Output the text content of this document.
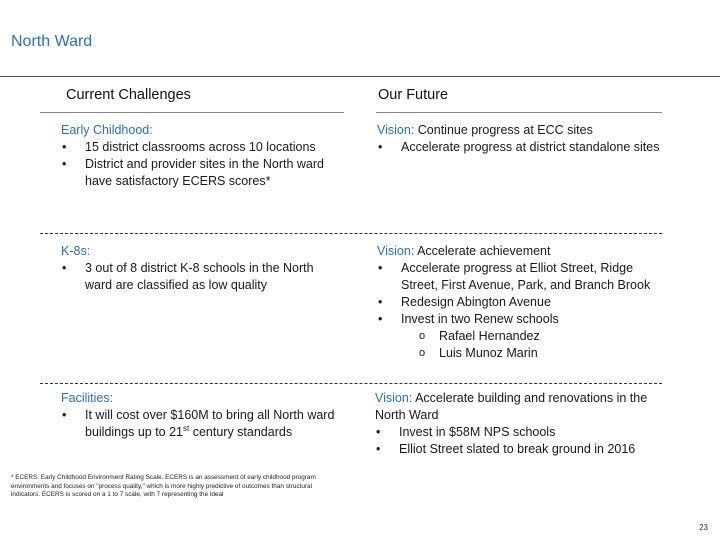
North Ward
Current Challenges	Our Future
Early Childhood:
• 15 district classrooms across 10 locations
• District and provider sites in the North ward have satisfactory ECERS scores*
Vision: Continue progress at ECC sites
• Accelerate progress at district standalone sites
K-8s:
• 3 out of 8 district K-8 schools in the North ward are classified as low quality
Vision: Accelerate achievement
• Accelerate progress at Elliot Street, Ridge Street, First Avenue, Park, and Branch Brook
• Redesign Abington Avenue
• Invest in two Renew schools
o Rafael Hernandez
o Luis Munoz Marin
Facilities:
• It will cost over $160M to bring all North ward buildings up to 21st century standards
Vision: Accelerate building and renovations in the North Ward
• Invest in $58M NPS schools
• Elliot Street slated to break ground in 2016
* ECERS: Early Childhood Environment Rating Scale. ECERS is an assessment of early childhood program environments and focuses on "process quality," which is more highly predictive of outcomes than structural indicators. ECERS is scored on a 1 to 7 scale, with 7 representing the ideal
23
